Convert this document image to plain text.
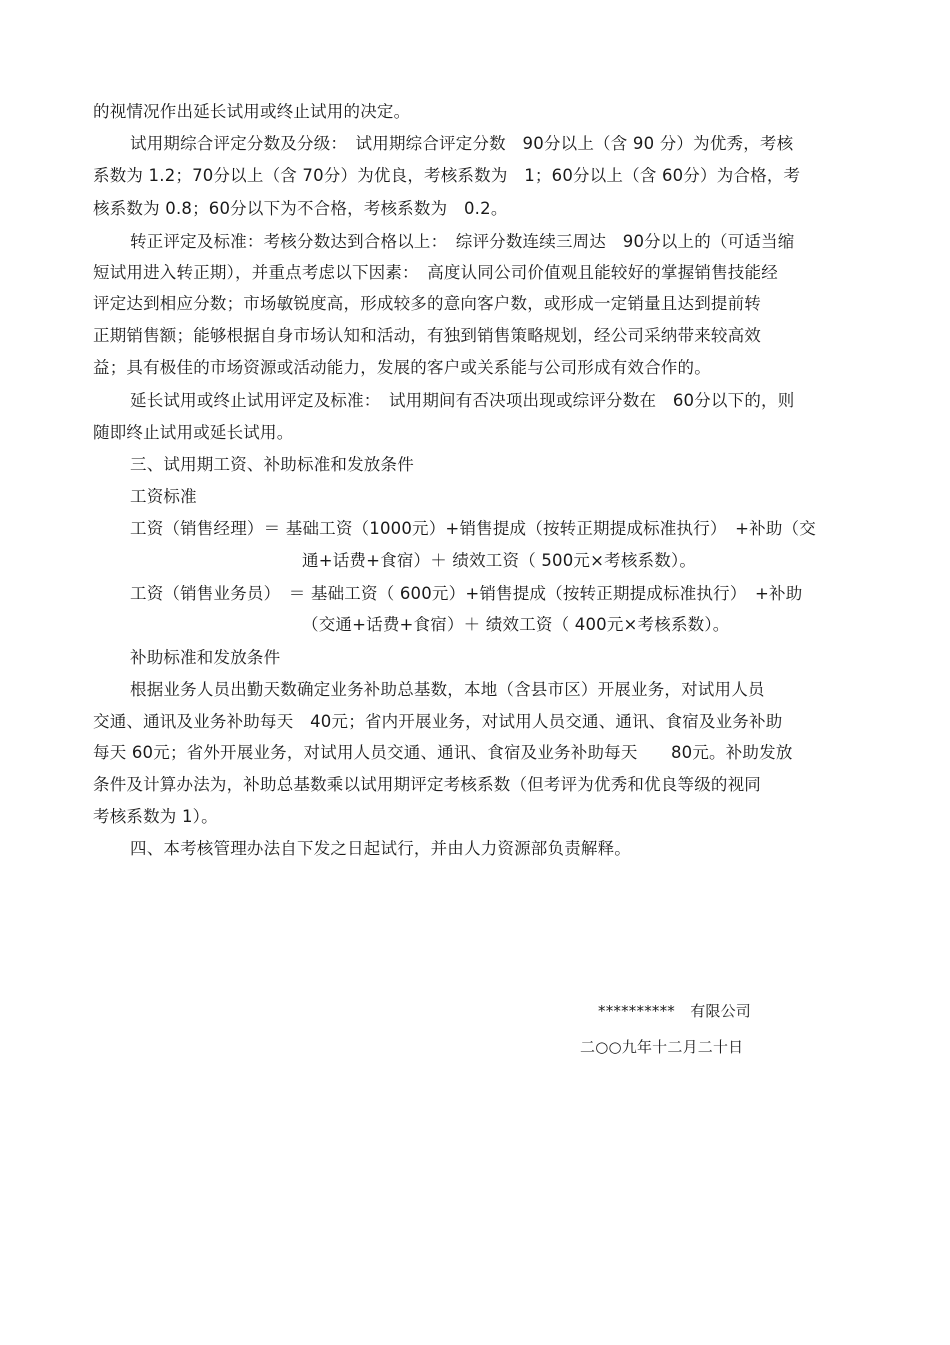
的视情况作出延长试用或终止试用的决定。
试用期综合评定分数及分级：　试用期综合评定分数　90分以上（含 90 分）为优秀，考核
系数为 1.2；70分以上（含 70分）为优良，考核系数为　1；60分以上（含 60分）为合格，考
核系数为 0.8；60分以下为不合格，考核系数为　0.2。
转正评定及标准：考核分数达到合格以上：　综评分数连续三周达　90分以上的（可适当缩
短试用进入转正期），并重点考虑以下因素：　高度认同公司价值观且能较好的掌握销售技能经
评定达到相应分数；市场敏锐度高，形成较多的意向客户数，或形成一定销量且达到提前转
正期销售额；能够根据自身市场认知和活动，有独到销售策略规划，经公司采纳带来较高效
益；具有极佳的市场资源或活动能力，发展的客户或关系能与公司形成有效合作的。
延长试用或终止试用评定及标准：　试用期间有否决项出现或综评分数在　60分以下的，则
随即终止试用或延长试用。
三、试用期工资、补助标准和发放条件
工资标准
工资（销售经理）＝ 基础工资（1000元）+销售提成（按转正期提成标准执行）　+补助（交
通+话费+食宿）＋ 绩效工资（ 500元×考核系数）。
工资（销售业务员）　＝ 基础工资（ 600元）+销售提成（按转正期提成标准执行）　+补助
（交通+话费+食宿）＋ 绩效工资（ 400元×考核系数）。
补助标准和发放条件
根据业务人员出勤天数确定业务补助总基数，本地（含县市区）开展业务，对试用人员
交通、通讯及业务补助每天　40元；省内开展业务，对试用人员交通、通讯、食宿及业务补助
每天 60元；省外开展业务，对试用人员交通、通讯、食宿及业务补助每天　　80元。补助发放
条件及计算办法为，补助总基数乘以试用期评定考核系数（但考评为优秀和优良等级的视同
考核系数为 1）。
四、本考核管理办法自下发之日起试行，并由人力资源部负责解释。
**********　有限公司
二○○九年十二月二十日
